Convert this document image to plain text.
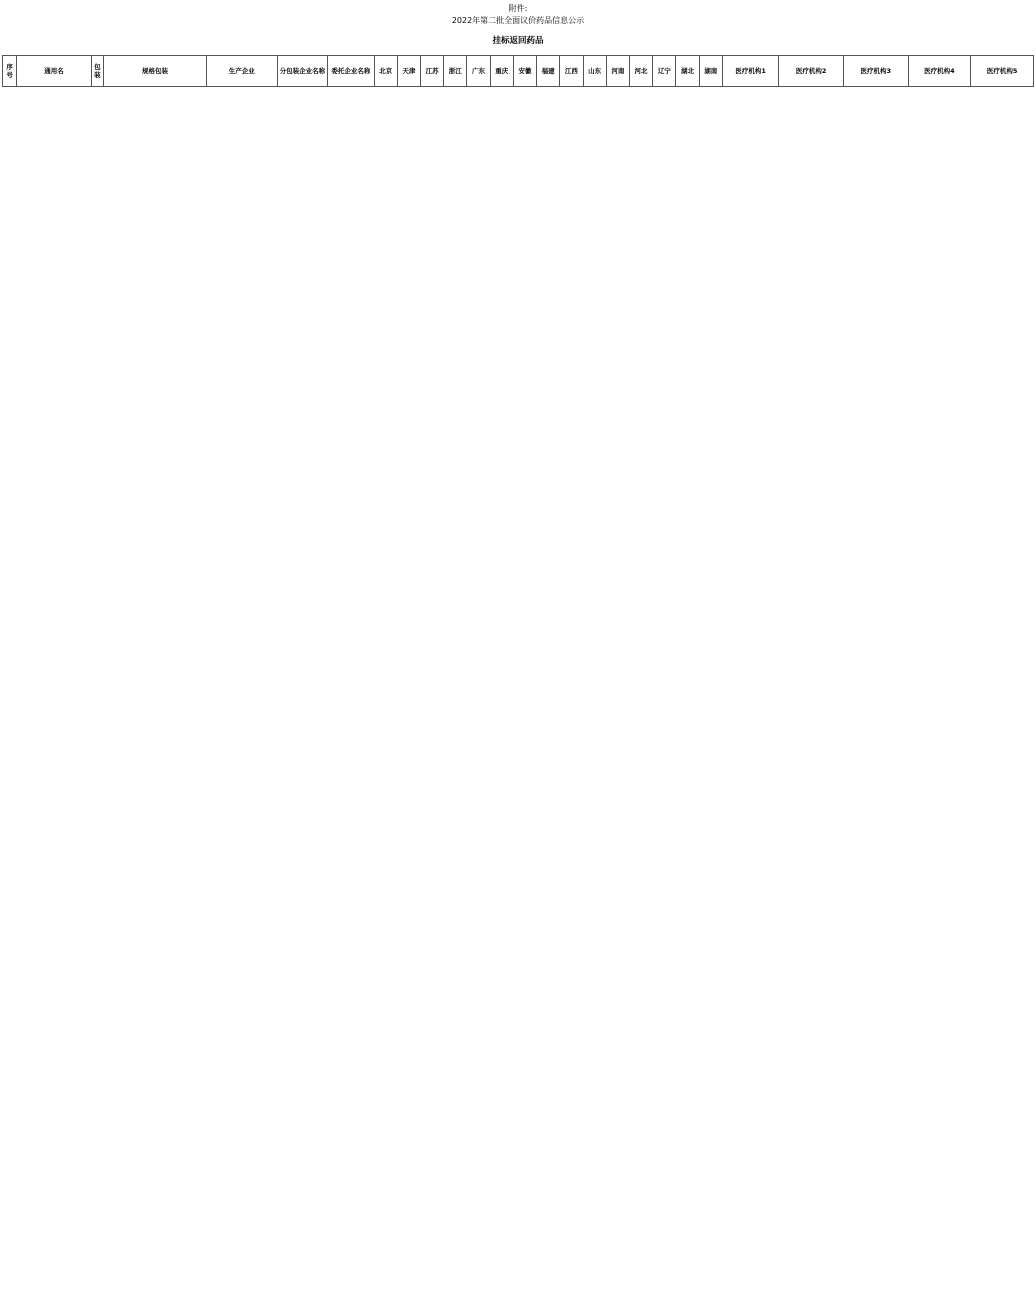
附件:
2022年第二批全面议价药品信息公示
挂标返回药品
序号	通用名	包装	规格包装	生产企业	分包装企业名称	委托企业名称	北京	天津	江苏	浙江	广东	重庆	安徽	福建	江西	山东	河南	河北	辽宁	湖北	湖南	医疗机构1	医疗机构2	医疗机构3	医疗机构4	医疗机构5
